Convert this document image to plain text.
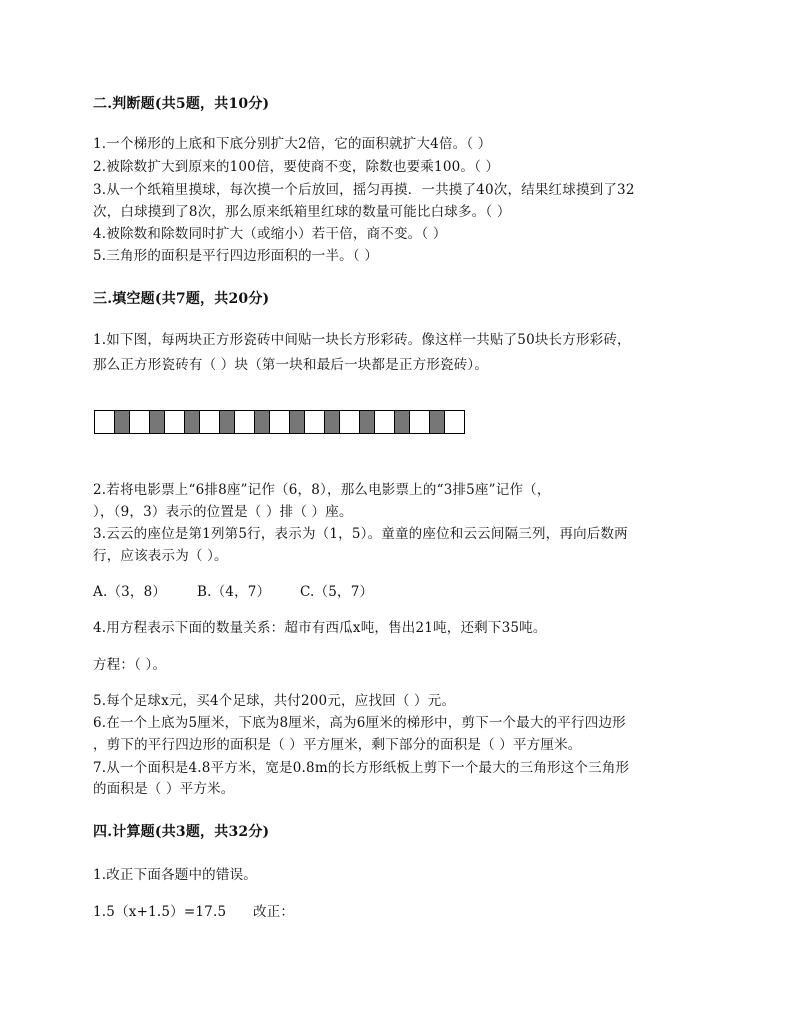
二.判断题(共5题，共10分)
1.一个梯形的上底和下底分别扩大2倍，它的面积就扩大4倍。（ ）
2.被除数扩大到原来的100倍，要使商不变，除数也要乘100。（ ）
3.从一个纸箱里摸球，每次摸一个后放回，摇匀再摸．一共摸了40次，结果红球摸到了32
次，白球摸到了8次，那么原来纸箱里红球的数量可能比白球多。（ ）
4.被除数和除数同时扩大（或缩小）若干倍，商不变。（ ）
5.三角形的面积是平行四边形面积的一半。（ ）
三.填空题(共7题，共20分)
1.如下图，每两块正方形瓷砖中间贴一块长方形彩砖。像这样一共贴了50块长方形彩砖，
那么正方形瓷砖有（ ）块（第一块和最后一块都是正方形瓷砖）。
2.若将电影票上“6排8座”记作（6，8），那么电影票上的“3排5座”记作（，
），（9，3）表示的位置是（ ）排（ ）座。
3.云云的座位是第1列第5行，表示为（1，5）。童童的座位和云云间隔三列，再向后数两
行，应该表示为（ ）。
A.（3，8） B.（4，7） C.（5，7）
4.用方程表示下面的数量关系：超市有西瓜x吨，售出21吨，还剩下35吨。
方程：（ ）。
5.每个足球x元，买4个足球，共付200元，应找回（ ）元。
6.在一个上底为5厘米，下底为8厘米，高为6厘米的梯形中，剪下一个最大的平行四边形
，剪下的平行四边形的面积是（ ）平方厘米，剩下部分的面积是（ ）平方厘米。
7.从一个面积是4.8平方米，宽是0.8m的长方形纸板上剪下一个最大的三角形这个三角形
的面积是（ ）平方米。
四.计算题(共3题，共32分)
1.改正下面各题中的错误。
1.5（x+1.5）=17.5 改正：
